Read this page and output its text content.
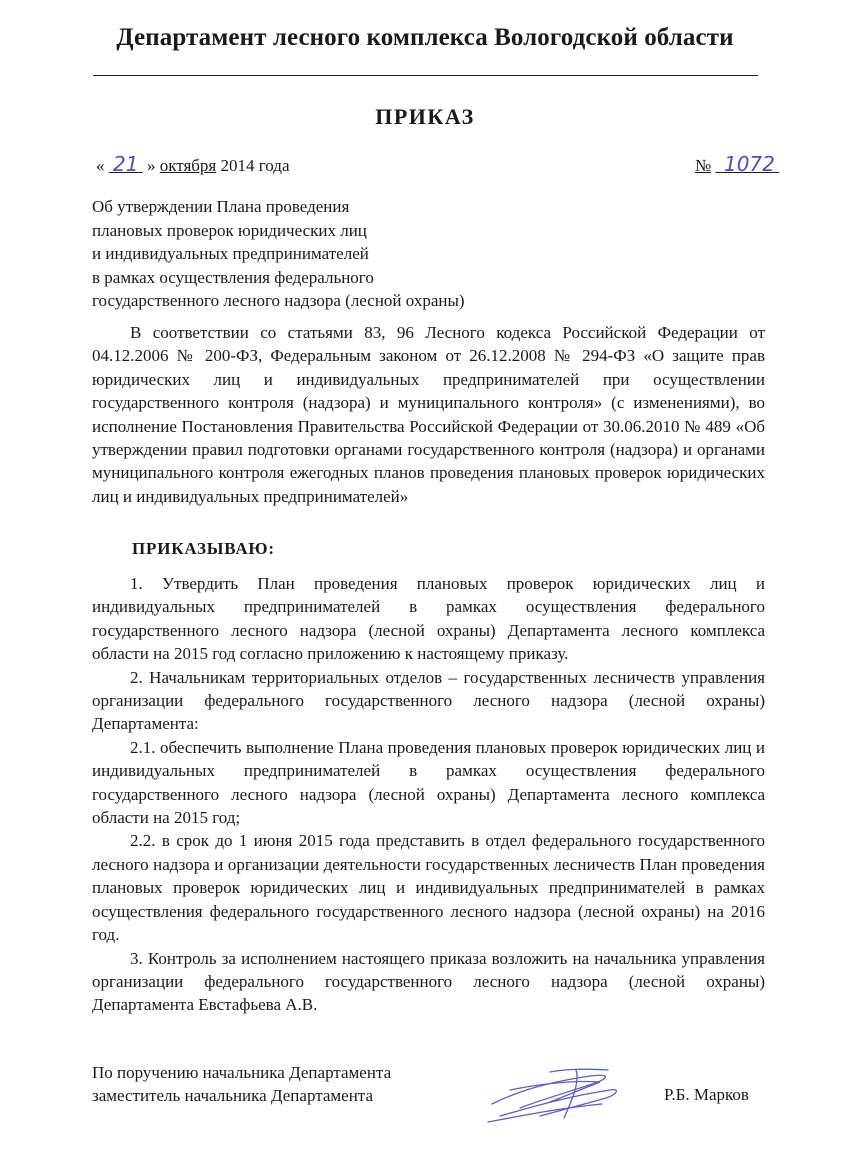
Департамент лесного комплекса Вологодской области
ПРИКАЗ
« 21 » октября 2014 года	№ 1072
Об утверждении Плана проведения
плановых проверок юридических лиц
и индивидуальных предпринимателей
в рамках осуществления федерального
государственного лесного надзора (лесной охраны)

В соответствии со статьями 83, 96 Лесного кодекса Российской Федерации от 04.12.2006 № 200-ФЗ, Федеральным законом от 26.12.2008 № 294-ФЗ «О защите прав юридических лиц и индивидуальных предпринимателей при осуществлении государственного контроля (надзора) и муниципального контроля» (с изменениями), во исполнение Постановления Правительства Российской Федерации от 30.06.2010 № 489 «Об утверждении правил подготовки органами государственного контроля (надзора) и органами муниципального контроля ежегодных планов проведения плановых проверок юридических лиц и индивидуальных предпринимателей»

ПРИКАЗЫВАЮ:

1. Утвердить План проведения плановых проверок юридических лиц и индивидуальных предпринимателей в рамках осуществления федерального государственного лесного надзора (лесной охраны) Департамента лесного комплекса области на 2015 год согласно приложению к настоящему приказу.

2. Начальникам территориальных отделов – государственных лесничеств управления организации федерального государственного лесного надзора (лесной охраны) Департамента:

2.1. обеспечить выполнение Плана проведения плановых проверок юридических лиц и индивидуальных предпринимателей в рамках осуществления федерального государственного лесного надзора (лесной охраны) Департамента лесного комплекса области на 2015 год;

2.2. в срок до 1 июня 2015 года представить в отдел федерального государственного лесного надзора и организации деятельности государственных лесничеств План проведения плановых проверок юридических лиц и индивидуальных предпринимателей в рамках осуществления федерального государственного лесного надзора (лесной охраны) на 2016 год.

3. Контроль за исполнением настоящего приказа возложить на начальника управления организации федерального государственного лесного надзора (лесной охраны) Департамента Евстафьева А.В.

По поручению начальника Департамента
заместитель начальника Департамента	Р.Б. Марков
